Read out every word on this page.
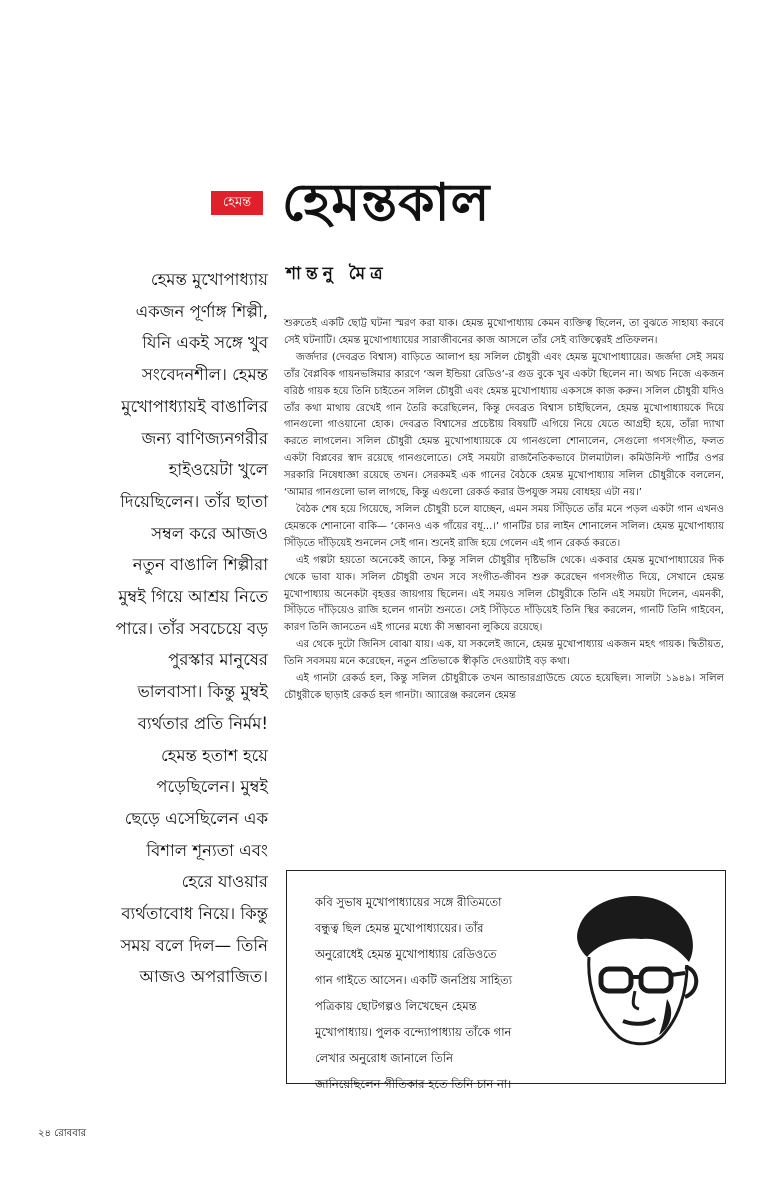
হেমন্ত হেমন্তকাল
শান্তনু মৈত্র
হেমন্ত মুখোপাধ্যায়
একজন পূর্ণাঙ্গ শিল্পী,
যিনি একই সঙ্গে খুব
সংবেদনশীল। হেমন্ত
মুখোপাধ্যায়ই বাঙালির
জন্য বাণিজ্যনগরীর
হাইওয়েটা খুলে
দিয়েছিলেন। তাঁর ছাতা
সম্বল করে আজও
নতুন বাঙালি শিল্পীরা
মুম্বই গিয়ে আশ্রয় নিতে
পারে। তাঁর সবচেয়ে বড়
পুরস্কার মানুষের
ভালবাসা। কিন্তু মুম্বই
ব্যর্থতার প্রতি নির্মম!
হেমন্ত হতাশ হয়ে
পড়েছিলেন। মুম্বই
ছেড়ে এসেছিলেন এক
বিশাল শূন্যতা এবং
হেরে যাওয়ার
ব্যর্থতাবোধ নিয়ে। কিন্তু
সময় বলে দিল— তিনি
আজও অপরাজিত।

শুরুতেই একটি ছোট্ট ঘটনা স্মরণ করা যাক। হেমন্ত মুখোপাধ্যায় কেমন ব্যক্তিত্ব ছিলেন, তা বুঝতে সাহায্য করবে সেই ঘটনাটি। হেমন্ত মুখোপাধ্যায়ের সারাজীবনের কাজ আসলে তাঁর সেই ব্যক্তিত্বেরই প্রতিফলন।

জর্জদার (দেবব্রত বিশ্বাস) বাড়িতে আলাপ হয় সলিল চৌধুরী এবং হেমন্ত মুখোপাধ্যায়ের। জর্জদা সেই সময় তাঁর বৈপ্লবিক গায়নভঙ্গিমার কারণে ‘অল ইন্ডিয়া রেডিও’-র গুড বুকে খুব একটা ছিলেন না। অথচ নিজে একজন বরিষ্ঠ গায়ক হয়ে তিনি চাইতেন সলিল চৌধুরী এবং হেমন্ত মুখোপাধ্যায় একসঙ্গে কাজ করুন। সলিল চৌধুরী যদিও তাঁর কথা মাথায় রেখেই গান তৈরি করেছিলেন, কিন্তু দেবব্রত বিশ্বাস চাইছিলেন, হেমন্ত মুখোপাধ্যায়কে দিয়ে গানগুলো গাওয়ানো হোক। দেবব্রত বিশ্বাসের প্রচেষ্টায় বিষয়টি এগিয়ে নিয়ে যেতে আগ্রহী হয়ে, তাঁরা দ্যাখা করতে লাগলেন। সলিল চৌধুরী হেমন্ত মুখোপাধ্যায়কে যে গানগুলো শোনালেন, সেগুলো গণসংগীত, ফলত একটা বিপ্লবের স্বাদ রয়েছে গানগুলোতে। সেই সময়টা রাজনৈতিকভাবে টালমাটাল। কমিউনিস্ট পার্টির ওপর সরকারি নিষেধাজ্ঞা রয়েছে তখন। সেরকমই এক গানের বৈঠকে হেমন্ত মুখোপাধ্যায় সলিল চৌধুরীকে বললেন, ‘আমার গানগুলো ভাল লাগছে, কিন্তু এগুলো রেকর্ড করার উপযুক্ত সময় বোধহয় এটা নয়।’

বৈঠক শেষ হয়ে গিয়েছে, সলিল চৌধুরী চলে যাচ্ছেন, এমন সময় সিঁড়িতে তাঁর মনে পড়ল একটা গান এখনও হেমন্তকে শোনানো বাকি— ‘কোনও এক গাঁয়ের বধূ...।’ গানটির চার লাইন শোনালেন সলিল। হেমন্ত মুখোপাধ্যায় সিঁড়িতে দাঁড়িয়েই শুনলেন সেই গান। শুনেই রাজি হয়ে গেলেন এই গান রেকর্ড করতে।

এই গল্পটা হয়তো অনেকেই জানে, কিন্তু সলিল চৌধুরীর দৃষ্টিভঙ্গি থেকে। একবার হেমন্ত মুখোপাধ্যায়ের দিক থেকে ভাবা যাক। সলিল চৌধুরী তখন সবে সংগীত-জীবন শুরু করেছেন গণসংগীত দিয়ে, সেখানে হেমন্ত মুখোপাধ্যায় অনেকটা বৃহত্তর জায়গায় ছিলেন। এই সময়ও সলিল চৌধুরীকে তিনি এই সময়টা দিলেন, এমনকী, সিঁড়িতে দাঁড়িয়েও রাজি হলেন গানটা শুনতে। সেই সিঁড়িতে দাঁড়িয়েই তিনি স্থির করলেন, গানটি তিনি গাইবেন, কারণ তিনি জানতেন এই গানের মধ্যে কী সম্ভাবনা লুকিয়ে রয়েছে।

এর থেকে দুটো জিনিস বোঝা যায়। এক, যা সকলেই জানে, হেমন্ত মুখোপাধ্যায় একজন মহৎ গায়ক। দ্বিতীয়ত, তিনি সবসময় মনে করেছেন, নতুন প্রতিভাকে স্বীকৃতি দেওয়াটাই বড় কথা।

এই গানটা রেকর্ড হল, কিন্তু সলিল চৌধুরীকে তখন আন্ডারগ্রাউন্ডে যেতে হয়েছিল। সালটা ১৯৪৯। সলিল চৌধুরীকে ছাড়াই রেকর্ড হল গানটা। অ্যারেঞ্জ করলেন হেমন্ত

কবি সুভাষ মুখোপাধ্যায়ের সঙ্গে রীতিমতো
বন্ধুত্ব ছিল হেমন্ত মুখোপাধ্যায়ের। তাঁর
অনুরোধেই হেমন্ত মুখোপাধ্যায় রেডিওতে
গান গাইতে আসেন। একটি জনপ্রিয় সাহিত্য
পত্রিকায় ছোটগল্পও লিখেছেন হেমন্ত
মুখোপাধ্যায়। পুলক বন্দ্যোপাধ্যায় তাঁকে গান
লেখার অনুরোধ জানালে তিনি
জানিয়েছিলেন গীতিকার হতে তিনি চান না।
২৪ রোববার
